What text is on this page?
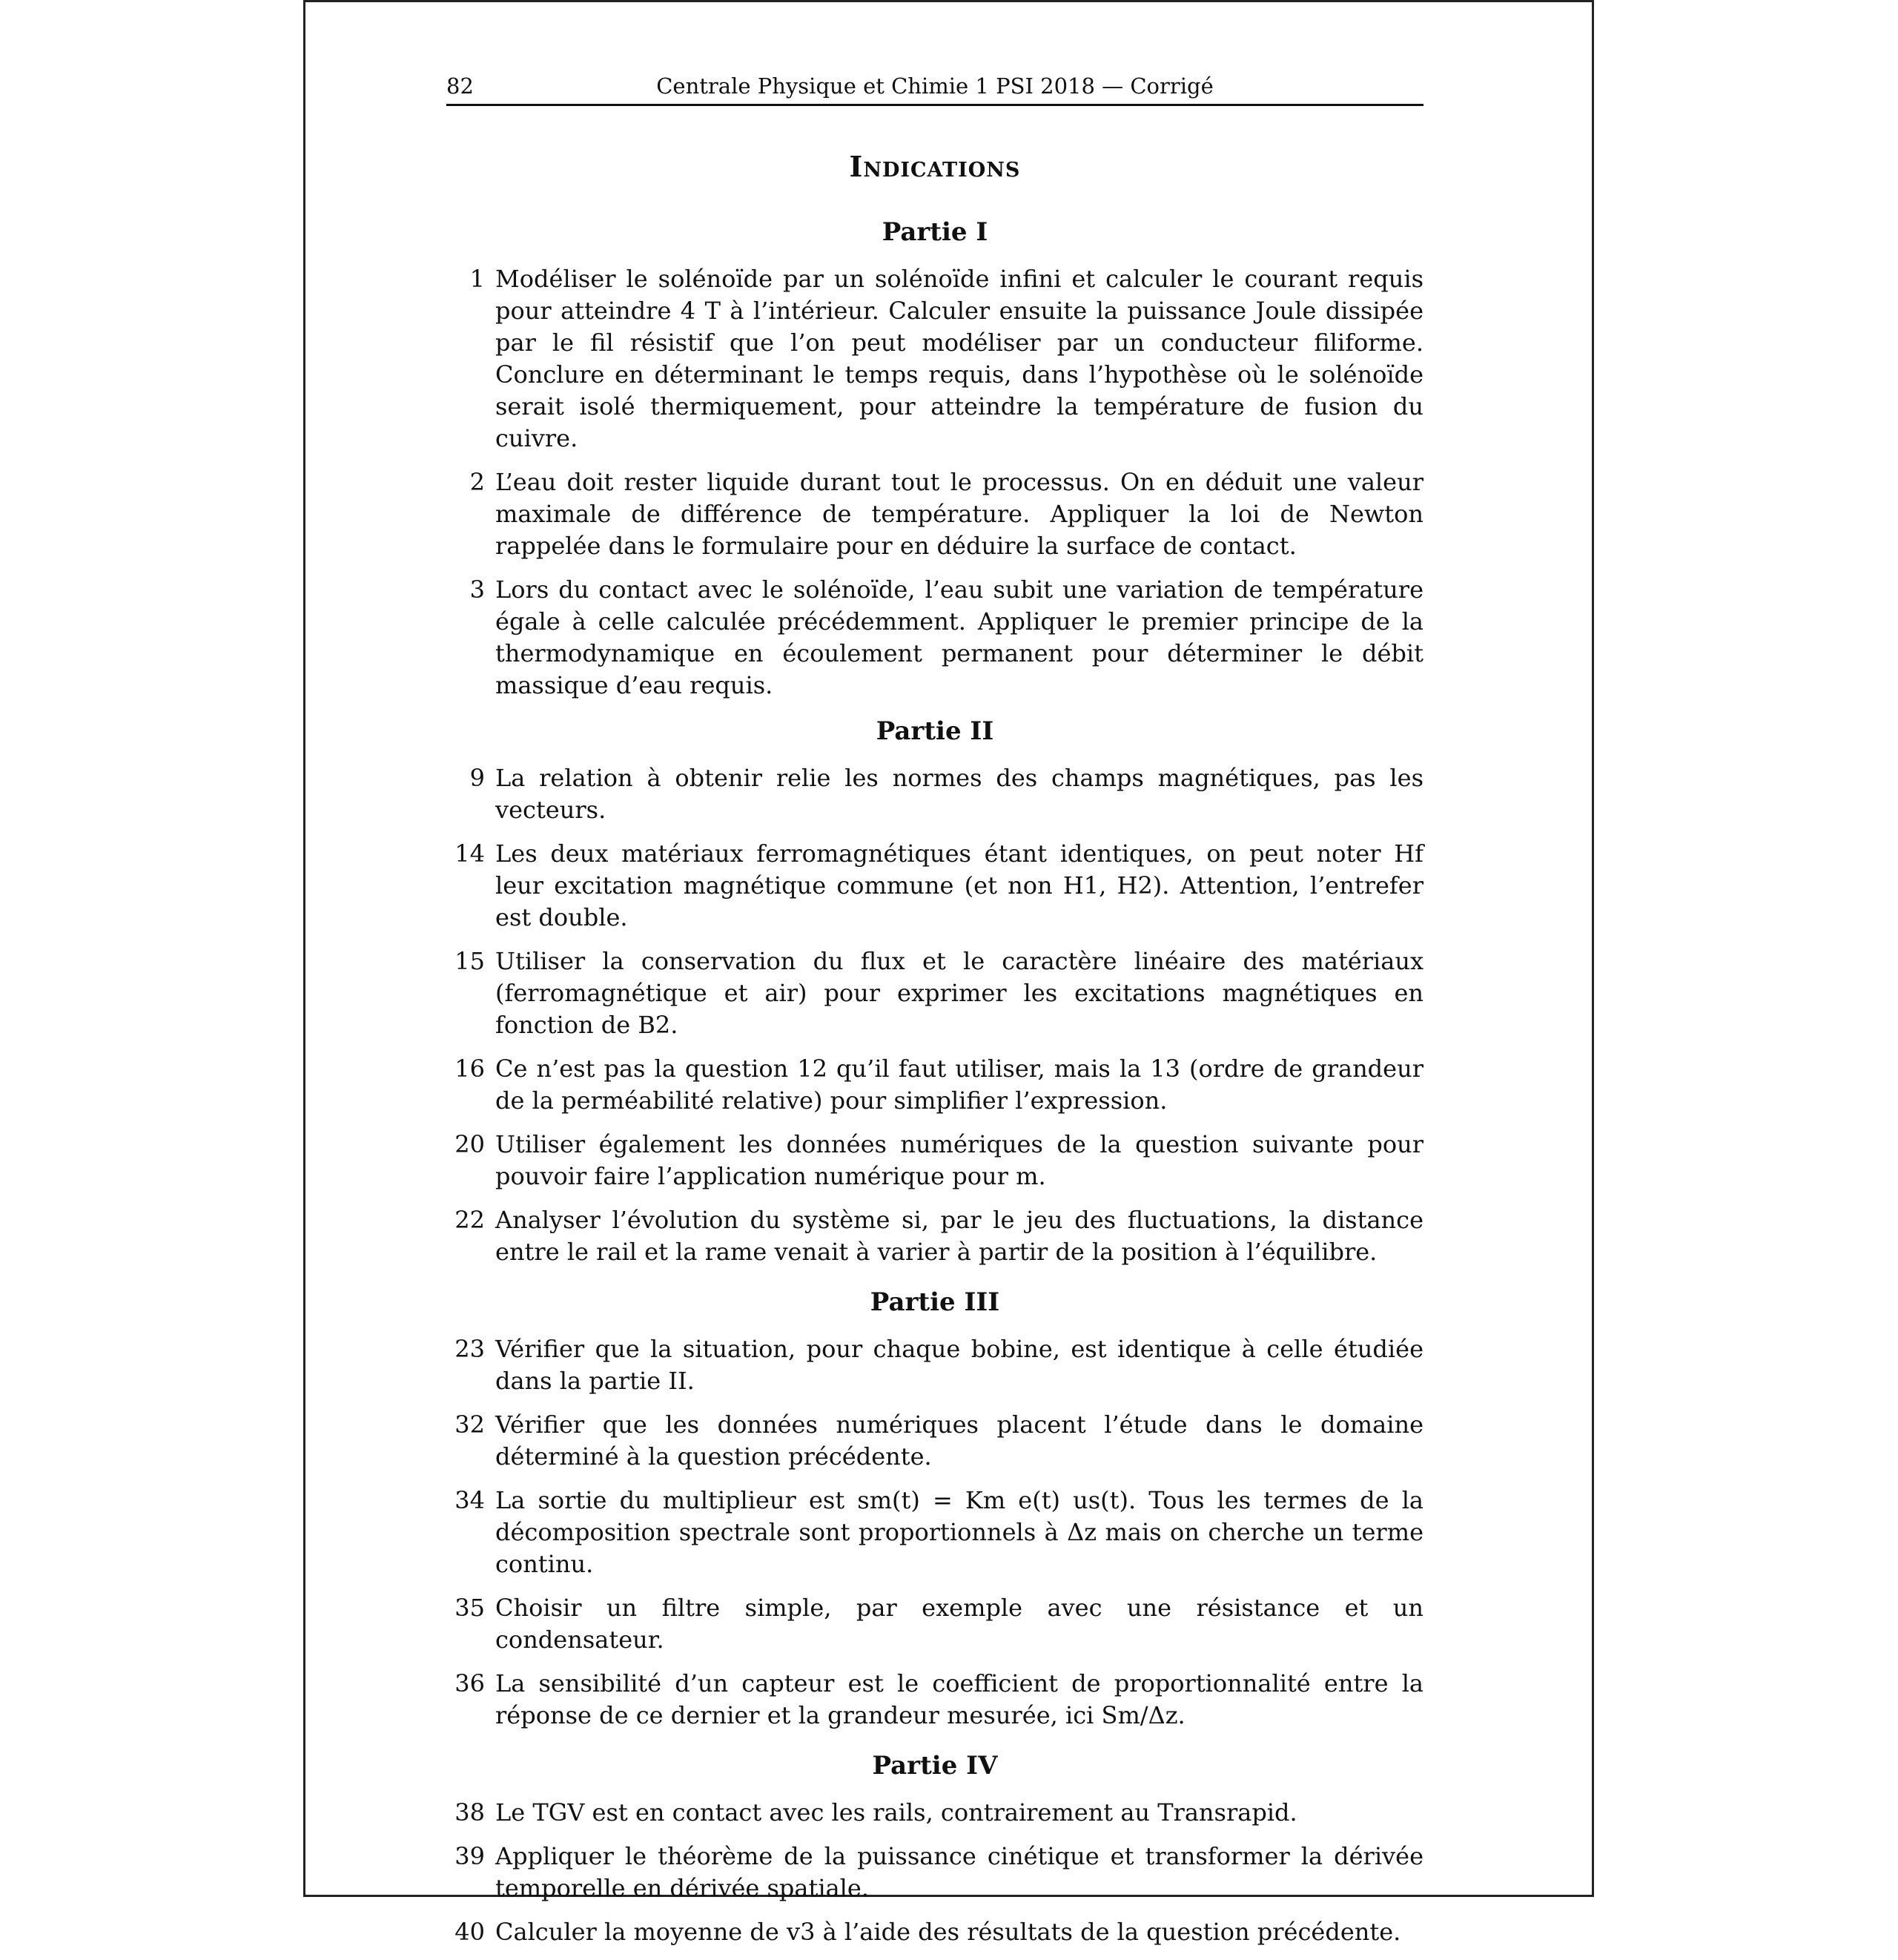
82	Centrale Physique et Chimie 1 PSI 2018 — Corrigé
Indications
Partie I
1 Modéliser le solénoïde par un solénoïde infini et calculer le courant requis pour atteindre 4 T à l’intérieur. Calculer ensuite la puissance Joule dissipée par le fil résistif que l’on peut modéliser par un conducteur filiforme. Conclure en déterminant le temps requis, dans l’hypothèse où le solénoïde serait isolé thermiquement, pour atteindre la température de fusion du cuivre.
2 L’eau doit rester liquide durant tout le processus. On en déduit une valeur maximale de différence de température. Appliquer la loi de Newton rappelée dans le formulaire pour en déduire la surface de contact.
3 Lors du contact avec le solénoïde, l’eau subit une variation de température égale à celle calculée précédemment. Appliquer le premier principe de la thermodynamique en écoulement permanent pour déterminer le débit massique d’eau requis.
Partie II
9 La relation à obtenir relie les normes des champs magnétiques, pas les vecteurs.
14 Les deux matériaux ferromagnétiques étant identiques, on peut noter Hf leur excitation magnétique commune (et non H1, H2). Attention, l’entrefer est double.
15 Utiliser la conservation du flux et le caractère linéaire des matériaux (ferromagnétique et air) pour exprimer les excitations magnétiques en fonction de B2.
16 Ce n’est pas la question 12 qu’il faut utiliser, mais la 13 (ordre de grandeur de la perméabilité relative) pour simplifier l’expression.
20 Utiliser également les données numériques de la question suivante pour pouvoir faire l’application numérique pour m.
22 Analyser l’évolution du système si, par le jeu des fluctuations, la distance entre le rail et la rame venait à varier à partir de la position à l’équilibre.
Partie III
23 Vérifier que la situation, pour chaque bobine, est identique à celle étudiée dans la partie II.
32 Vérifier que les données numériques placent l’étude dans le domaine déterminé à la question précédente.
34 La sortie du multiplieur est sm(t) = Km e(t) us(t). Tous les termes de la décomposition spectrale sont proportionnels à Δz mais on cherche un terme continu.
35 Choisir un filtre simple, par exemple avec une résistance et un condensateur.
36 La sensibilité d’un capteur est le coefficient de proportionnalité entre la réponse de ce dernier et la grandeur mesurée, ici Sm/Δz.
Partie IV
38 Le TGV est en contact avec les rails, contrairement au Transrapid.
39 Appliquer le théorème de la puissance cinétique et transformer la dérivée temporelle en dérivée spatiale.
40 Calculer la moyenne de v3 à l’aide des résultats de la question précédente.
